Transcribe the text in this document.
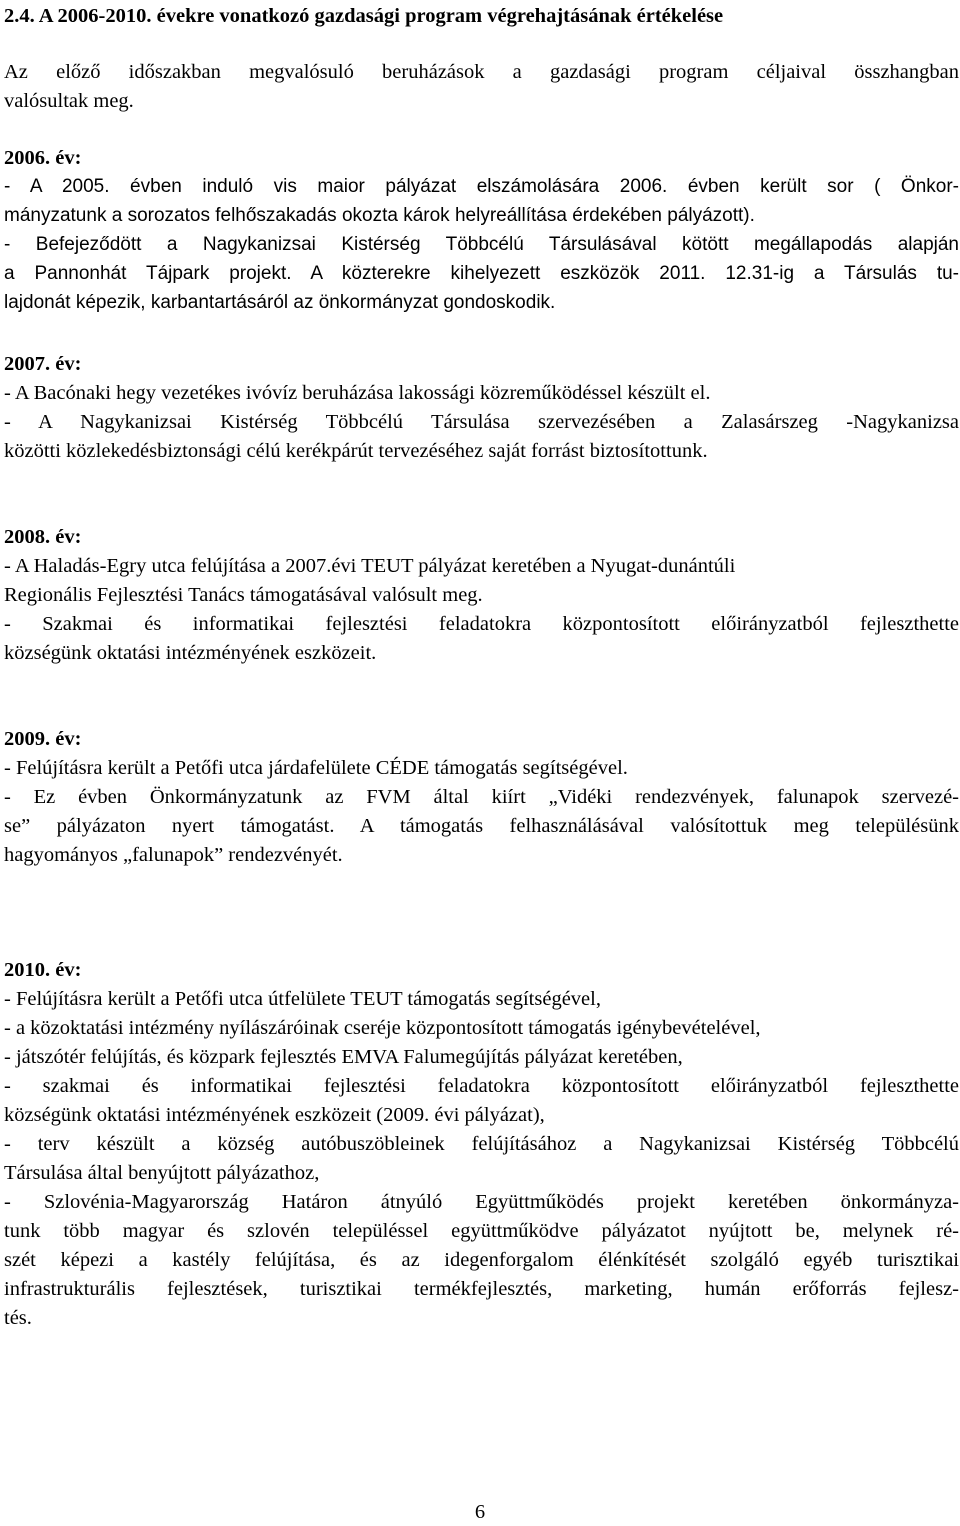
2.4. A 2006-2010. évekre vonatkozó gazdasági program végrehajtásának értékelése
Az előző időszakban megvalósuló beruházások a gazdasági program céljaival összhangban
valósultak meg.
2006. év:
- A 2005. évben induló vis maior pályázat elszámolására 2006. évben került sor ( Önkor-
mányzatunk a sorozatos felhőszakadás okozta károk helyreállítása érdekében pályázott).
- Befejeződött a Nagykanizsai Kistérség Többcélú Társulásával kötött megállapodás alapján
a Pannonhát Tájpark projekt. A közterekre kihelyezett eszközök 2011. 12.31-ig a Társulás tu-
lajdonát képezik, karbantartásáról az önkormányzat gondoskodik.
2007. év:
- A Bacónaki hegy vezetékes ivóvíz beruházása lakossági közreműködéssel készült el.
- A Nagykanizsai Kistérség Többcélú Társulása szervezésében a Zalasárszeg -Nagykanizsa
közötti közlekedésbiztonsági célú kerékpárút tervezéséhez saját forrást biztosítottunk.
2008. év:
- A Haladás-Egry utca felújítása a 2007.évi TEUT pályázat keretében a Nyugat-dunántúli
Regionális Fejlesztési Tanács támogatásával valósult meg.
- Szakmai és informatikai fejlesztési feladatokra központosított előirányzatból fejleszthette
községünk oktatási intézményének eszközeit.
2009. év:
- Felújításra került a Petőfi utca járdafelülete CÉDE támogatás segítségével.
- Ez évben Önkormányzatunk az FVM által kiírt „Vidéki rendezvények, falunapok szervezé-
se” pályázaton nyert támogatást. A támogatás felhasználásával valósítottuk meg településünk
hagyományos „falunapok” rendezvényét.
2010. év:
- Felújításra került a Petőfi utca útfelülete TEUT támogatás segítségével,
- a közoktatási intézmény nyílászáróinak cseréje központosított támogatás igénybevételével,
- játszótér felújítás, és közpark fejlesztés EMVA Falumegújítás pályázat keretében,
- szakmai és informatikai fejlesztési feladatokra központosított előirányzatból fejleszthette
községünk oktatási intézményének eszközeit (2009. évi pályázat),
- terv készült a község autóbuszöbleinek felújításához a Nagykanizsai Kistérség Többcélú
Társulása által benyújtott pályázathoz,
- Szlovénia-Magyarország Határon átnyúló Együttműködés projekt keretében önkormányza-
tunk több magyar és szlovén településsel együttműködve pályázatot nyújtott be, melynek ré-
szét képezi a kastély felújítása, és az idegenforgalom élénkítését szolgáló egyéb turisztikai
infrastrukturális fejlesztések, turisztikai termékfejlesztés, marketing, humán erőforrás fejlesz-
tés.
6
